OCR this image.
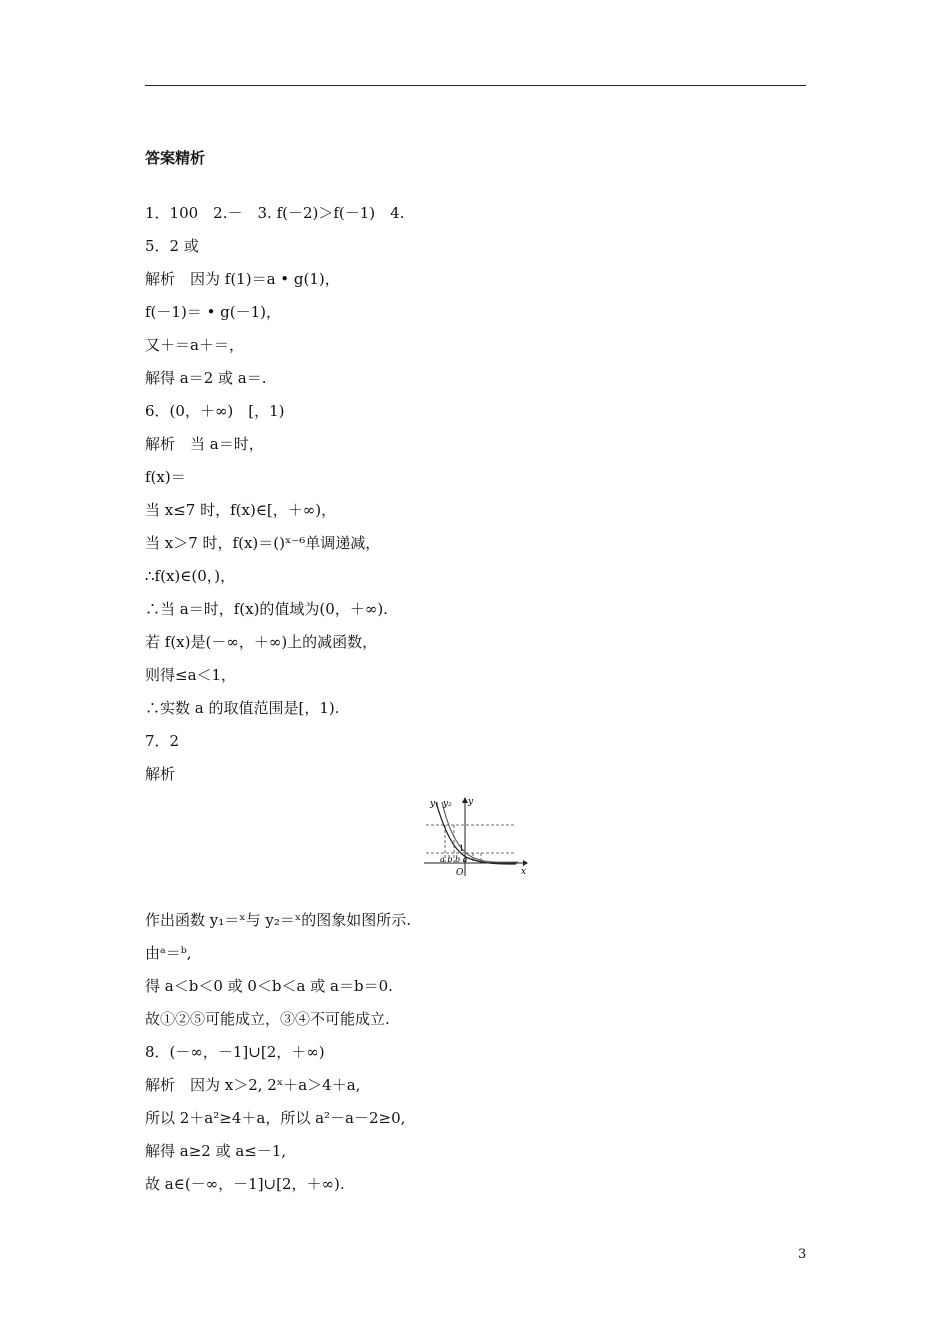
答案精析
1．100　2.－　3. f(－2)＞f(－1)　4.
5．2 或
解析　因为 f(1)＝a • g(1)，
f(－1)＝ • g(－1)，
又＋＝a＋＝，
解得 a＝2 或 a＝.
6．(0，＋∞)　[，1)
解析　当 a＝时，
f(x)＝
当 x≤7 时，f(x)∈[，＋∞)，
当 x＞7 时，f(x)＝()ˣ⁻⁶单调递减，
∴f(x)∈(0，)，
∴当 a＝时，f(x)的值域为(0，＋∞).
若 f(x)是(－∞，＋∞)上的减函数，
则得≤a＜1，
∴实数 a 的取值范围是[，1).
7．2
解析
y₁ y₂ y
x
O
1
a b b a
作出函数 y₁＝ˣ与 y₂＝ˣ的图象如图所示.
由ᵃ＝ᵇ,
得 a＜b＜0 或 0＜b＜a 或 a＝b＝0.
故①②⑤可能成立，③④不可能成立.
8．(－∞，－1]∪[2，＋∞)
解析　因为 x＞2, 2ˣ＋a＞4＋a,
所以 2＋a²≥4＋a，所以 a²－a－2≥0,
解得 a≥2 或 a≤－1,
故 a∈(－∞，－1]∪[2，＋∞).
3
